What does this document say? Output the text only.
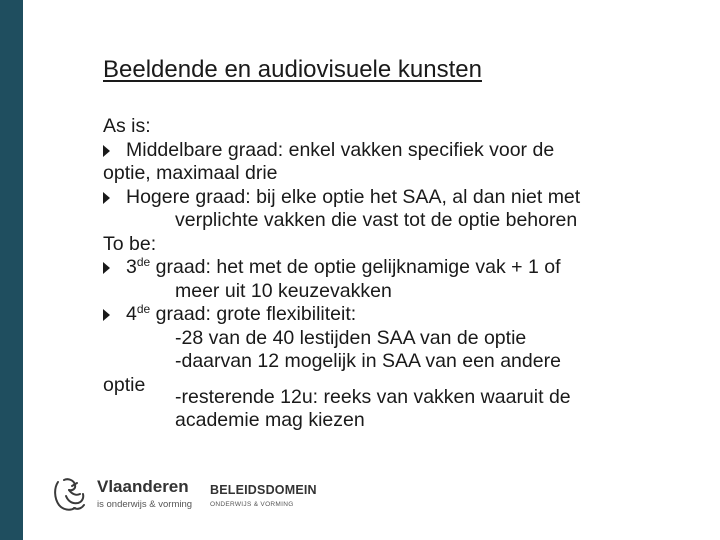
Beeldende en audiovisuele kunsten
As is:
Middelbare graad: enkel vakken specifiek voor de
optie, maximaal drie
Hogere graad: bij elke optie het SAA, al dan niet met
verplichte vakken die vast tot de optie behoren
To be:
3de graad: het met de optie gelijknamige vak + 1 of
meer uit 10 keuzevakken
4de graad: grote flexibiliteit:
-28 van de 40 lestijden SAA van de optie
-daarvan 12 mogelijk in SAA van een andere
optie
-resterende 12u: reeks van vakken waaruit de
academie mag kiezen
Vlaanderen
is onderwijs & vorming
BELEIDSDOMEIN
ONDERWIJS & VORMING
